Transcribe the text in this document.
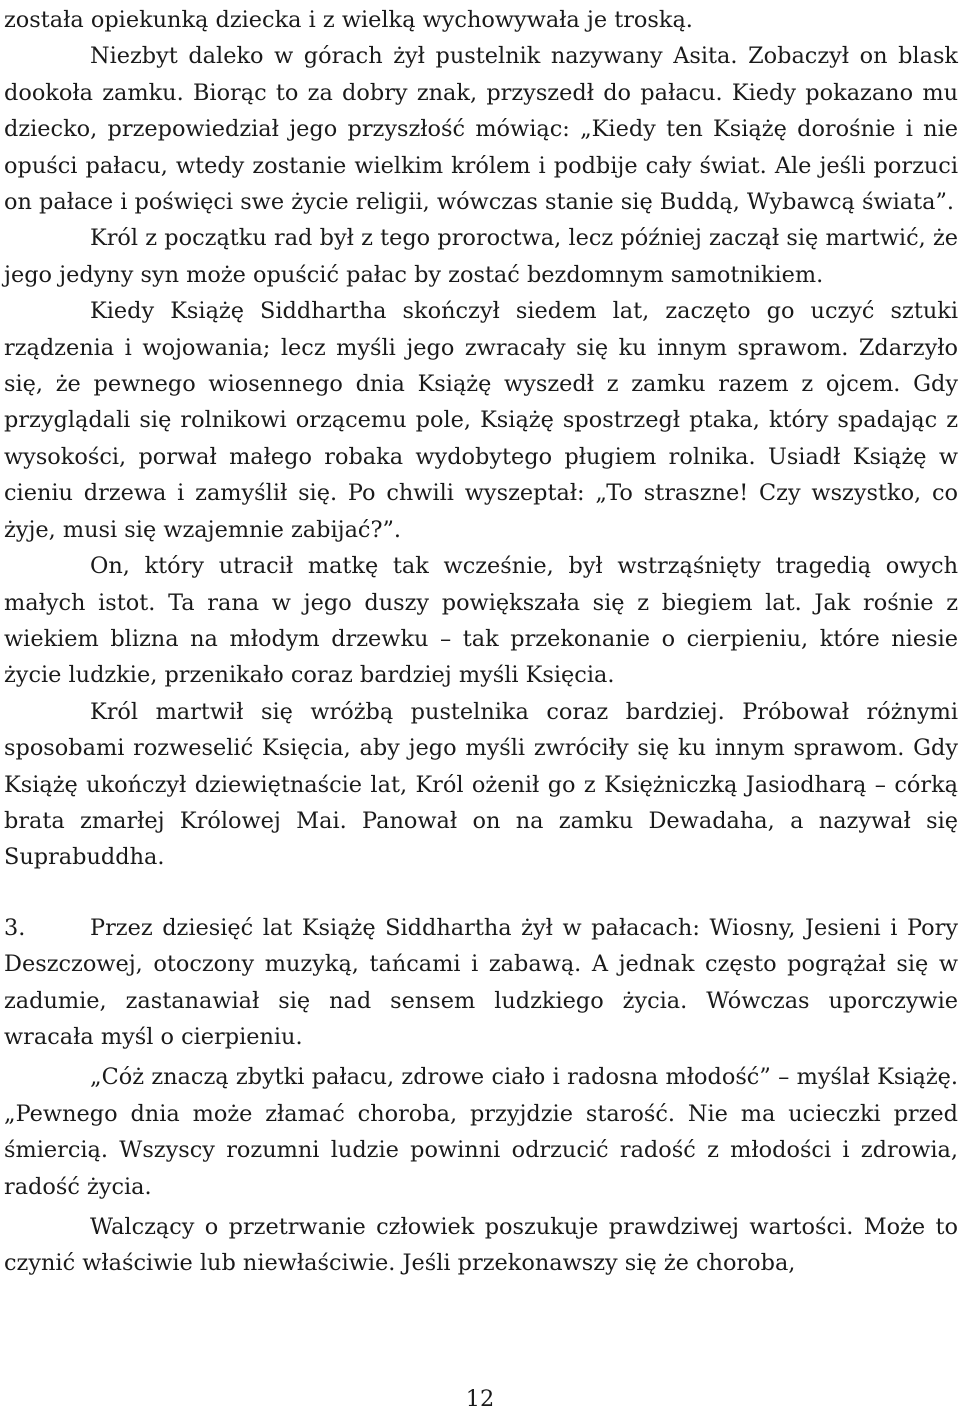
została opiekunką dziecka i z wielką wychowywała je troską.

Niezbyt daleko w górach żył pustelnik nazywany Asita. Zobaczył on blask dookoła zamku. Biorąc to za dobry znak, przyszedł do pałacu. Kiedy pokazano mu dziecko, przepowiedział jego przyszłość mówiąc: „Kiedy ten Książę dorośnie i nie opuści pałacu, wtedy zostanie wielkim królem i podbije cały świat. Ale jeśli porzuci on pałace i poświęci swe życie religii, wówczas stanie się Buddą, Wybawcą świata”.

Król z początku rad był z tego proroctwa, lecz później zaczął się martwić, że jego jedyny syn może opuścić pałac by zostać bezdomnym samotnikiem.

Kiedy Książę Siddhartha skończył siedem lat, zaczęto go uczyć sztuki rządzenia i wojowania; lecz myśli jego zwracały się ku innym sprawom. Zdarzyło się, że pewnego wiosennego dnia Książę wyszedł z zamku razem z ojcem. Gdy przyglądali się rolnikowi orzącemu pole, Książę spostrzegł ptaka, który spadając z wysokości, porwał małego robaka wydobytego pługiem rolnika. Usiadł Książę w cieniu drzewa i zamyślił się. Po chwili wyszeptał: „To straszne! Czy wszystko, co żyje, musi się wzajemnie zabijać?”.

On, który utracił matkę tak wcześnie, był wstrząśnięty tragedią owych małych istot. Ta rana w jego duszy powiększała się z biegiem lat. Jak rośnie z wiekiem blizna na młodym drzewku – tak przekonanie o cierpieniu, które niesie życie ludzkie, przenikało coraz bardziej myśli Księcia.

Król martwił się wróżbą pustelnika coraz bardziej. Próbował różnymi sposobami rozweselić Księcia, aby jego myśli zwróciły się ku innym sprawom. Gdy Książę ukończył dziewiętnaście lat, Król ożenił go z Księżniczką Jasiodharą – córką brata zmarłej Królowej Mai. Panował on na zamku Dewadaha, a nazywał się Suprabuddha.

3.	Przez dziesięć lat Książę Siddhartha żył w pałacach: Wiosny, Jesieni i Pory Deszczowej, otoczony muzyką, tańcami i zabawą. A jednak często pogrążał się w zadumie, zastanawiał się nad sensem ludzkiego życia. Wówczas uporczywie wracała myśl o cierpieniu.

„Cóż znaczą zbytki pałacu, zdrowe ciało i radosna młodość” – myślał Książę. „Pewnego dnia może złamać choroba, przyjdzie starość. Nie ma ucieczki przed śmiercią. Wszyscy rozumni ludzie powinni odrzucić radość z młodości i zdrowia, radość życia.

Walczący o przetrwanie człowiek poszukuje prawdziwej wartości. Może to czynić właściwie lub niewłaściwie. Jeśli przekonawszy się że choroba,

12
